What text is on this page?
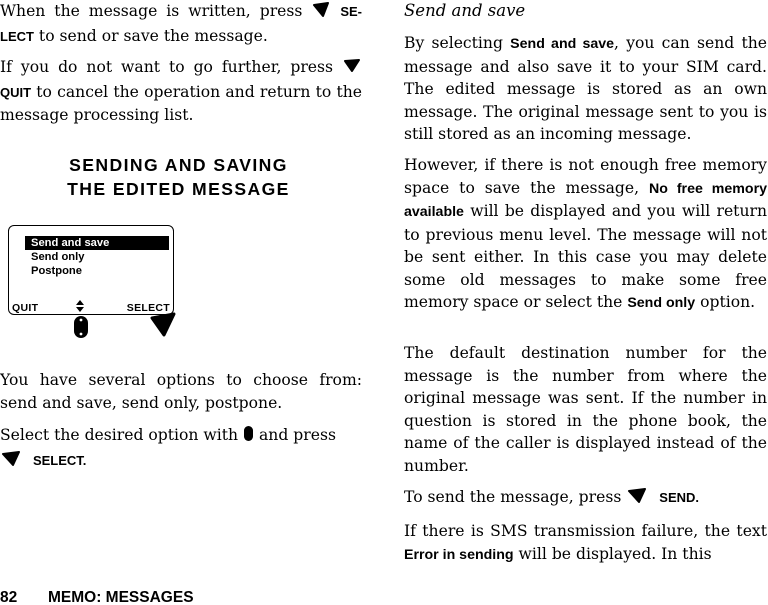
When the message is written, press	SE-LECT to send or save the message.

If you do not want to go further, press  QUIT to cancel the operation and return to the message processing list.

SENDING AND SAVING
THE EDITED MESSAGE
Send and save
Send only
Postpone
QUIT	SELECT

You have several options to choose from: send and save, send only, postpone.

Select the desired option with and press
SELECT.

Send and save

By selecting Send and save, you can send the message and also save it to your SIM card. The edited message is stored as an own message. The original message sent to you is still stored as an incoming message.

However, if there is not enough free memory space to save the message, No free memory available will be displayed and you will return to previous menu level. The message will not be sent either. In this case you may delete some old messages to make some free memory space or select the Send only option.

The default destination number for the message is the number from where the original message was sent. If the number in question is stored in the phone book, the name of the caller is displayed instead of the number.

To send the message, press	SEND.

If there is SMS transmission failure, the text Error in sending will be displayed. In this

82 MEMO: MESSAGES
